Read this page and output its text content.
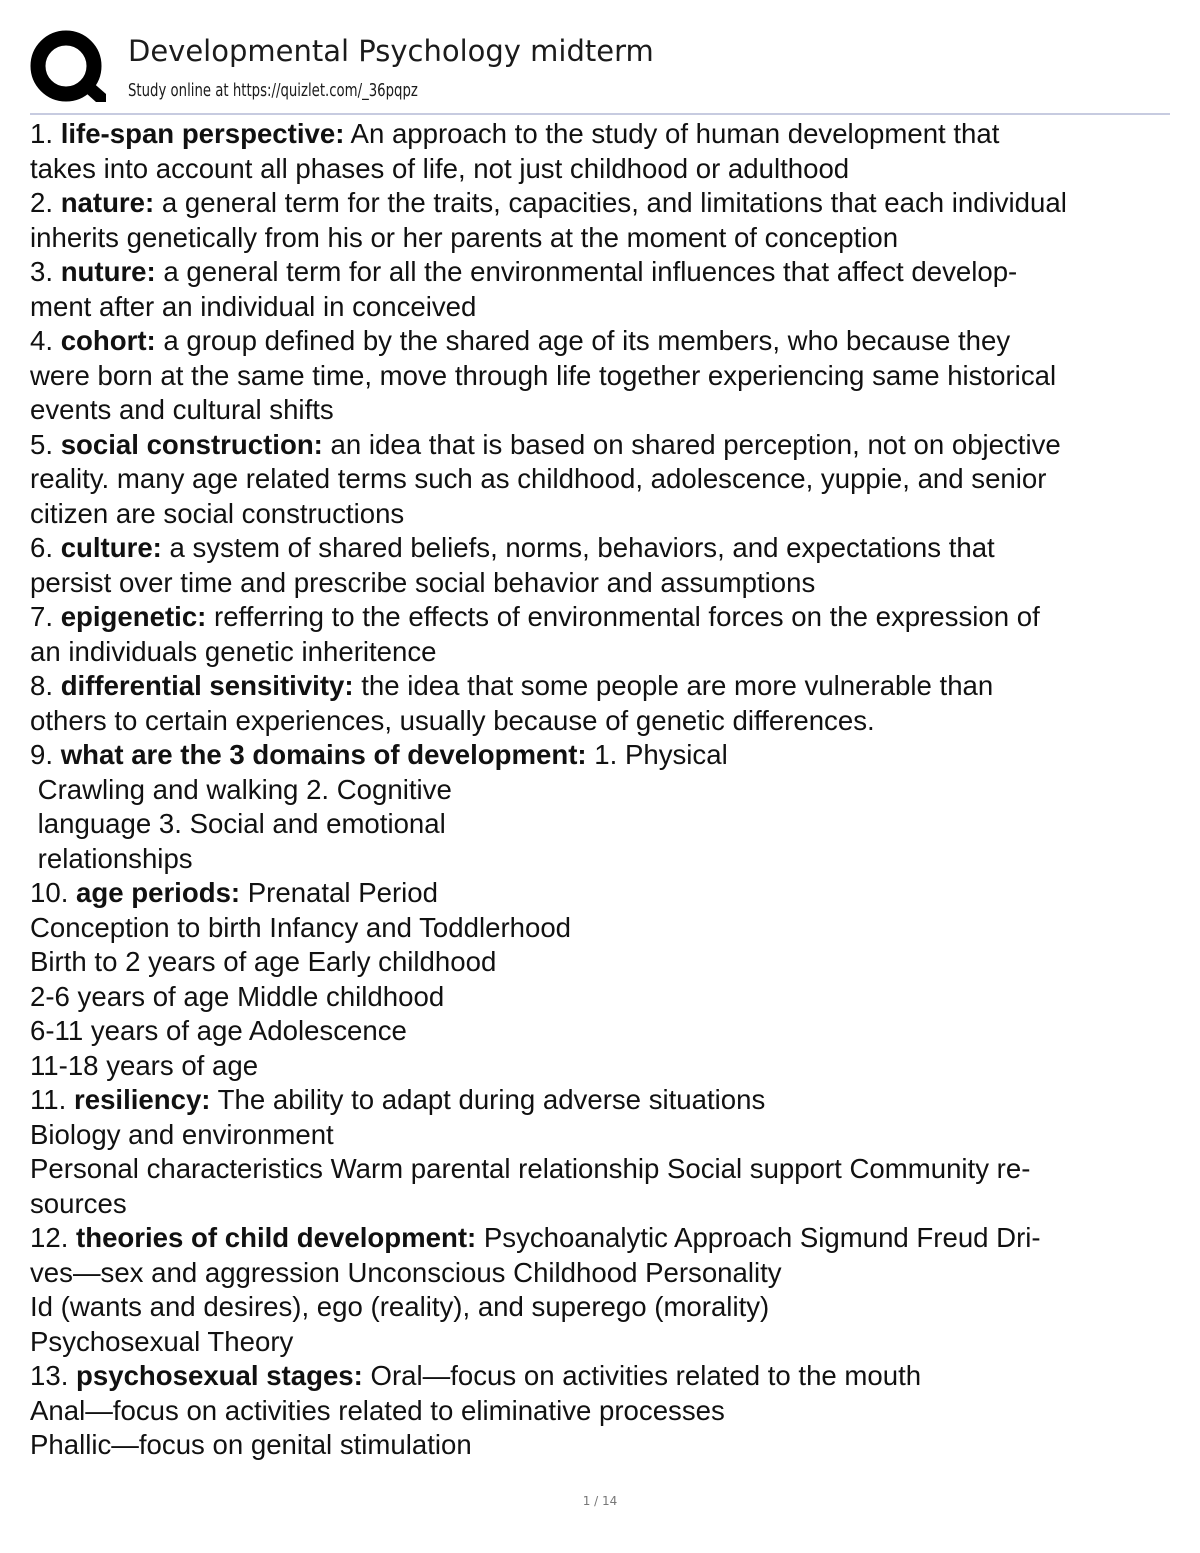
Developmental Psychology midterm
Study online at https://quizlet.com/_36pqpz
1. life-span perspective: An approach to the study of human development that
takes into account all phases of life, not just childhood or adulthood
2. nature: a general term for the traits, capacities, and limitations that each individual
inherits genetically from his or her parents at the moment of conception
3. nuture: a general term for all the environmental influences that affect develop-
ment after an individual in conceived
4. cohort: a group defined by the shared age of its members, who because they
were born at the same time, move through life together experiencing same historical
events and cultural shifts
5. social construction: an idea that is based on shared perception, not on objective
reality. many age related terms such as childhood, adolescence, yuppie, and senior
citizen are social constructions
6. culture: a system of shared beliefs, norms, behaviors, and expectations that
persist over time and prescribe social behavior and assumptions
7. epigenetic: refferring to the effects of environmental forces on the expression of
an individuals genetic inheritence
8. differential sensitivity: the idea that some people are more vulnerable than
others to certain experiences, usually because of genetic differences.
9. what are the 3 domains of development: 1. Physical
Crawling and walking 2. Cognitive
language 3. Social and emotional
relationships
10. age periods: Prenatal Period
Conception to birth Infancy and Toddlerhood
Birth to 2 years of age Early childhood
2-6 years of age Middle childhood
6-11 years of age Adolescence
11-18 years of age
11. resiliency: The ability to adapt during adverse situations
Biology and environment
Personal characteristics Warm parental relationship Social support Community re-
sources
12. theories of child development: Psychoanalytic Approach Sigmund Freud Dri-
ves—sex and aggression Unconscious Childhood Personality
Id (wants and desires), ego (reality), and superego (morality)
Psychosexual Theory
13. psychosexual stages: Oral—focus on activities related to the mouth
Anal—focus on activities related to eliminative processes
Phallic—focus on genital stimulation
1 / 14
